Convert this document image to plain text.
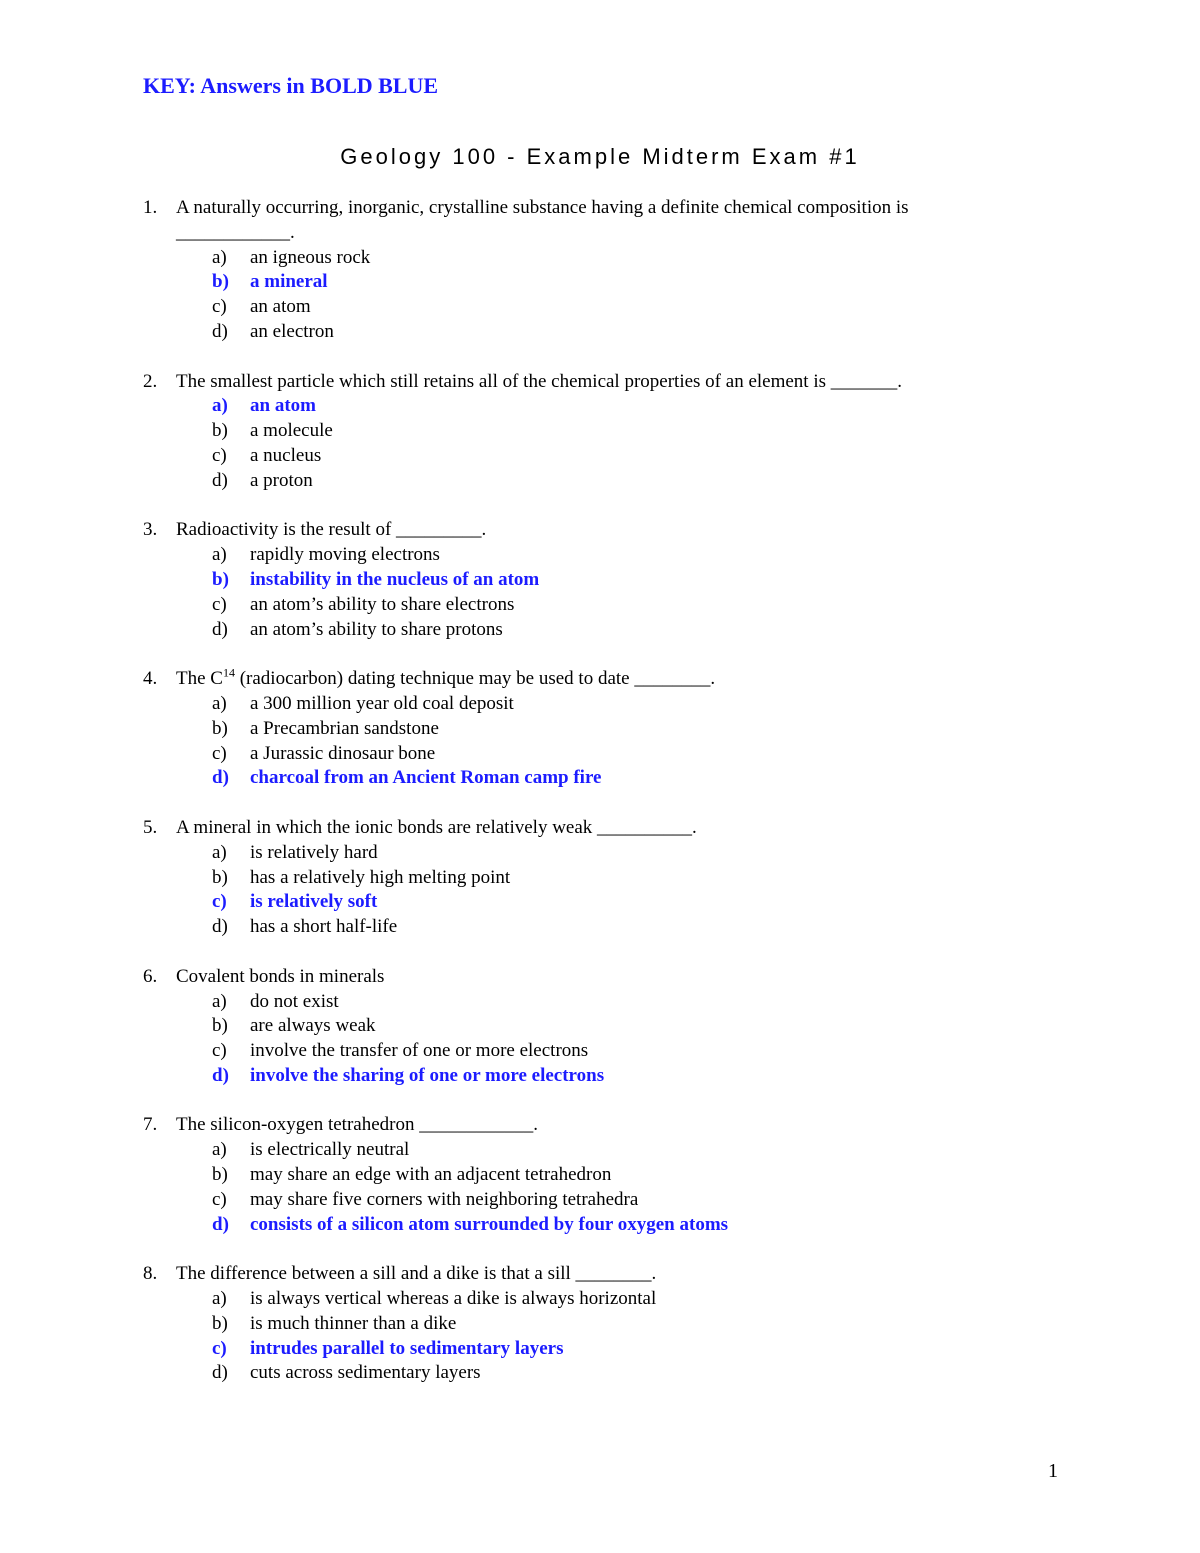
KEY: Answers in BOLD BLUE
Geology 100 - Example Midterm Exam #1
1. A naturally occurring, inorganic, crystalline substance having a definite chemical composition is
____________.
a) an igneous rock
b) a mineral
c) an atom
d) an electron
2. The smallest particle which still retains all of the chemical properties of an element is _______.
a) an atom
b) a molecule
c) a nucleus
d) a proton
3. Radioactivity is the result of _________.
a) rapidly moving electrons
b) instability in the nucleus of an atom
c) an atom’s ability to share electrons
d) an atom’s ability to share protons
4. The $C^{14}$ (radiocarbon) dating technique may be used to date ________.
a) a 300 million year old coal deposit
b) a Precambrian sandstone
c) a Jurassic dinosaur bone
d) charcoal from an Ancient Roman camp fire
5. A mineral in which the ionic bonds are relatively weak __________.
a) is relatively hard
b) has a relatively high melting point
c) is relatively soft
d) has a short half-life
6. Covalent bonds in minerals
a) do not exist
b) are always weak
c) involve the transfer of one or more electrons
d) involve the sharing of one or more electrons
7. The silicon-oxygen tetrahedron ____________.
a) is electrically neutral
b) may share an edge with an adjacent tetrahedron
c) may share five corners with neighboring tetrahedra
d) consists of a silicon atom surrounded by four oxygen atoms
8. The difference between a sill and a dike is that a sill ________.
a) is always vertical whereas a dike is always horizontal
b) is much thinner than a dike
c) intrudes parallel to sedimentary layers
d) cuts across sedimentary layers
1
